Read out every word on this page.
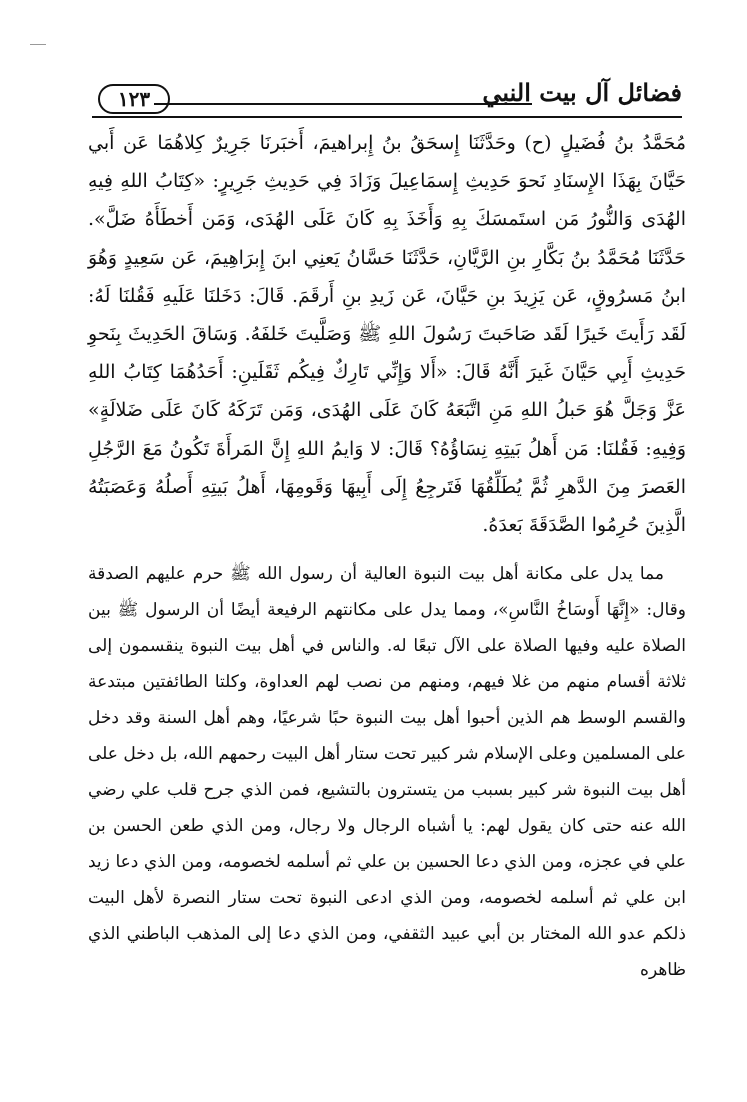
فضائل آل بيت النبي
١٢٣

مُحَمَّدُ بنُ فُضَيلٍ (ح) وحَدَّثَنَا إِسحَقُ بنُ إِبراهيمَ، أَخبَرنَا جَرِيرٌ كِلاهُمَا عَن أَبي حَيَّانَ بِهَذَا الإِسنَادِ نَحوَ حَدِيثِ إِسمَاعِيلَ وَزَادَ فِي حَدِيثِ جَرِيرٍ: «كِتَابُ اللهِ فِيهِ الهُدَى وَالنُّورُ مَن استَمسَكَ بِهِ وَأَخَذَ بِهِ كَانَ عَلَى الهُدَى، وَمَن أَخطَأَهُ ضَلَّ». حَدَّثَنَا مُحَمَّدُ بنُ بَكَّارِ بنِ الرَّيَّانِ، حَدَّثَنَا حَسَّانُ يَعنِي ابنَ إِبرَاهِيمَ، عَن سَعِيدٍ وَهُوَ ابنُ مَسرُوقٍ، عَن يَزِيدَ بنِ حَيَّانَ، عَن زَيدِ بنِ أَرقَمَ. قَالَ: دَخَلنَا عَلَيهِ فَقُلنَا لَهُ: لَقَد رَأَيتَ خَيرًا لَقَد صَاحَبتَ رَسُولَ اللهِ ﷺ وَصَلَّيتَ خَلفَهُ. وَسَاقَ الحَدِيثَ بِنَحوِ حَدِيثِ أَبِي حَيَّانَ غَيرَ أَنَّهُ قَالَ: «أَلا وَإِنِّي تَارِكٌ فِيكُم ثَقَلَينِ: أَحَدُهُمَا كِتَابُ اللهِ عَزَّ وَجَلَّ هُوَ حَبلُ اللهِ مَنِ اتَّبَعَهُ كَانَ عَلَى الهُدَى، وَمَن تَرَكَهُ كَانَ عَلَى ضَلالَةٍ» وَفِيهِ: فَقُلنَا: مَن أَهلُ بَيتِهِ نِسَاؤُهُ؟ قَالَ: لا وَايمُ اللهِ إِنَّ المَرأَةَ تَكُونُ مَعَ الرَّجُلِ العَصرَ مِنَ الدَّهرِ ثُمَّ يُطَلِّقُهَا فَتَرجِعُ إِلَى أَبِيهَا وَقَومِهَا، أَهلُ بَيتِهِ أَصلُهُ وَعَصَبَتُهُ الَّذِينَ حُرِمُوا الصَّدَقَةَ بَعدَهُ.

مما يدل على مكانة أهل بيت النبوة العالية أن رسول الله ﷺ حرم عليهم الصدقة وقال: «إِنَّهَا أَوسَاخُ النَّاسِ»، ومما يدل على مكانتهم الرفيعة أيضًا أن الرسول ﷺ بين الصلاة عليه وفيها الصلاة على الآل تبعًا له. والناس في أهل بيت النبوة ينقسمون إلى ثلاثة أقسام منهم من غلا فيهم، ومنهم من نصب لهم العداوة، وكلتا الطائفتين مبتدعة والقسم الوسط هم الذين أحبوا أهل بيت النبوة حبًا شرعيًا، وهم أهل السنة وقد دخل على المسلمين وعلى الإسلام شر كبير تحت ستار أهل البيت رحمهم الله، بل دخل على أهل بيت النبوة شر كبير بسبب من يتسترون بالتشيع، فمن الذي جرح قلب علي رضي الله عنه حتى كان يقول لهم: يا أشباه الرجال ولا رجال، ومن الذي طعن الحسن بن علي في عجزه، ومن الذي دعا الحسين بن علي ثم أسلمه لخصومه، ومن الذي دعا زيد ابن علي ثم أسلمه لخصومه، ومن الذي ادعى النبوة تحت ستار النصرة لأهل البيت ذلكم عدو الله المختار بن أبي عبيد الثقفي، ومن الذي دعا إلى المذهب الباطني الذي ظاهره
